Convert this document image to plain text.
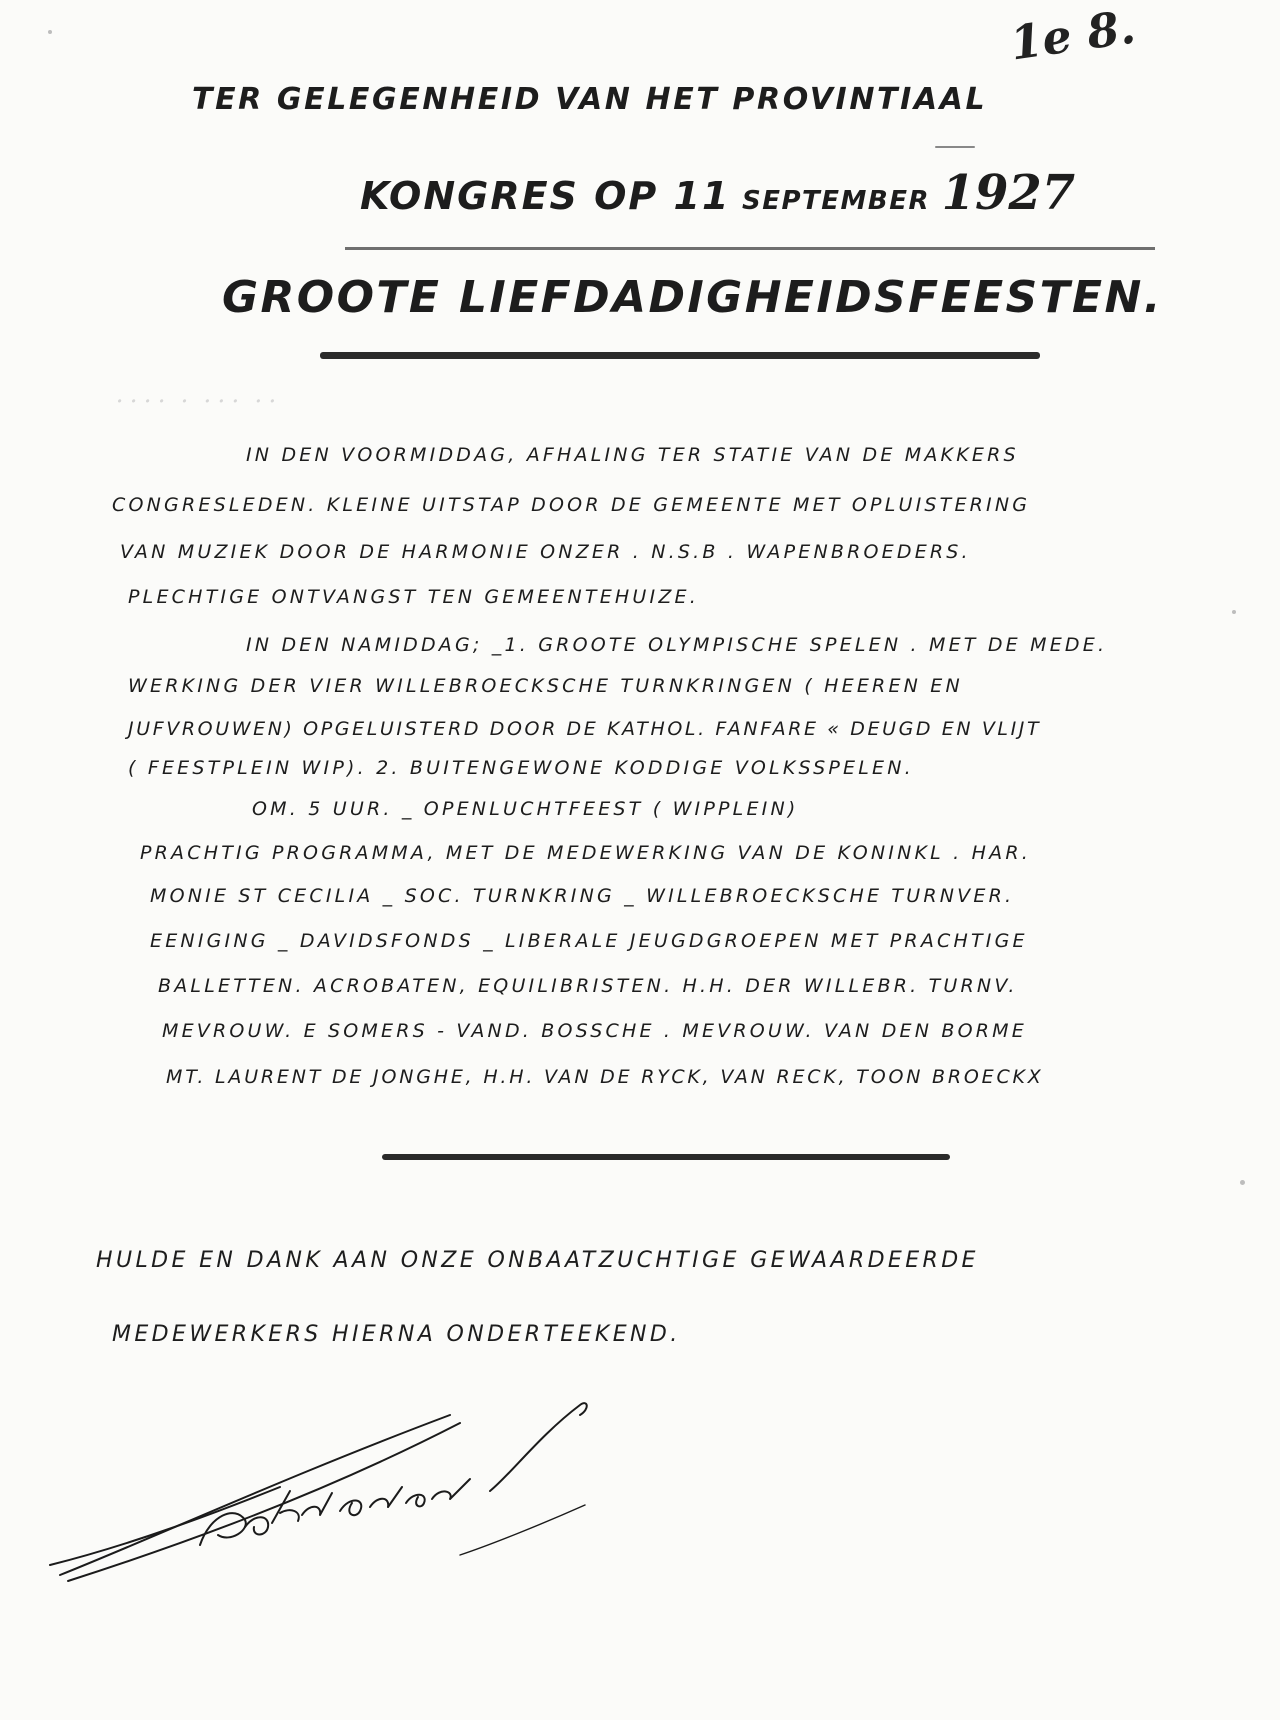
˙˙˙˙ ˙ ˙˙˙ ˙˙
1e 8.
TER GELEGENHEID VAN HET PROVINTIAAL
KONGRES OP 11 SEPTEMBER 1927
GROOTE LIEFDADIGHEIDSFEESTEN.
IN DEN VOORMIDDAG, AFHALING TER STATIE VAN DE MAKKERS
CONGRESLEDEN. KLEINE UITSTAP DOOR DE GEMEENTE MET OPLUISTERING
VAN MUZIEK DOOR DE HARMONIE ONZER . N.S.B . WAPENBROEDERS.
PLECHTIGE ONTVANGST TEN GEMEENTEHUIZE.
IN DEN NAMIDDAG; _1. GROOTE OLYMPISCHE SPELEN . MET DE MEDE.
WERKING DER VIER WILLEBROECKSCHE TURNKRINGEN ( HEEREN EN
JUFVROUWEN) OPGELUISTERD DOOR DE KATHOL. FANFARE « DEUGD EN VLIJT
( FEESTPLEIN WIP). 2. BUITENGEWONE KODDIGE VOLKSSPELEN.
OM. 5 UUR. _ OPENLUCHTFEEST ( WIPPLEIN)
PRACHTIG PROGRAMMA, MET DE MEDEWERKING VAN DE KONINKL . HAR.
MONIE ST CECILIA _ SOC. TURNKRING _ WILLEBROECKSCHE TURNVER.
EENIGING _ DAVIDSFONDS _ LIBERALE JEUGDGROEPEN MET PRACHTIGE
BALLETTEN. ACROBATEN, EQUILIBRISTEN. H.H. DER WILLEBR. TURNV.
MEVROUW. E SOMERS - VAND. BOSSCHE . MEVROUW. VAN DEN BORME
MT. LAURENT DE JONGHE, H.H. VAN DE RYCK, VAN RECK, TOON BROECKX
HULDE EN DANK AAN ONZE ONBAATZUCHTIGE GEWAARDEERDE
MEDEWERKERS HIERNA ONDERTEEKEND.
